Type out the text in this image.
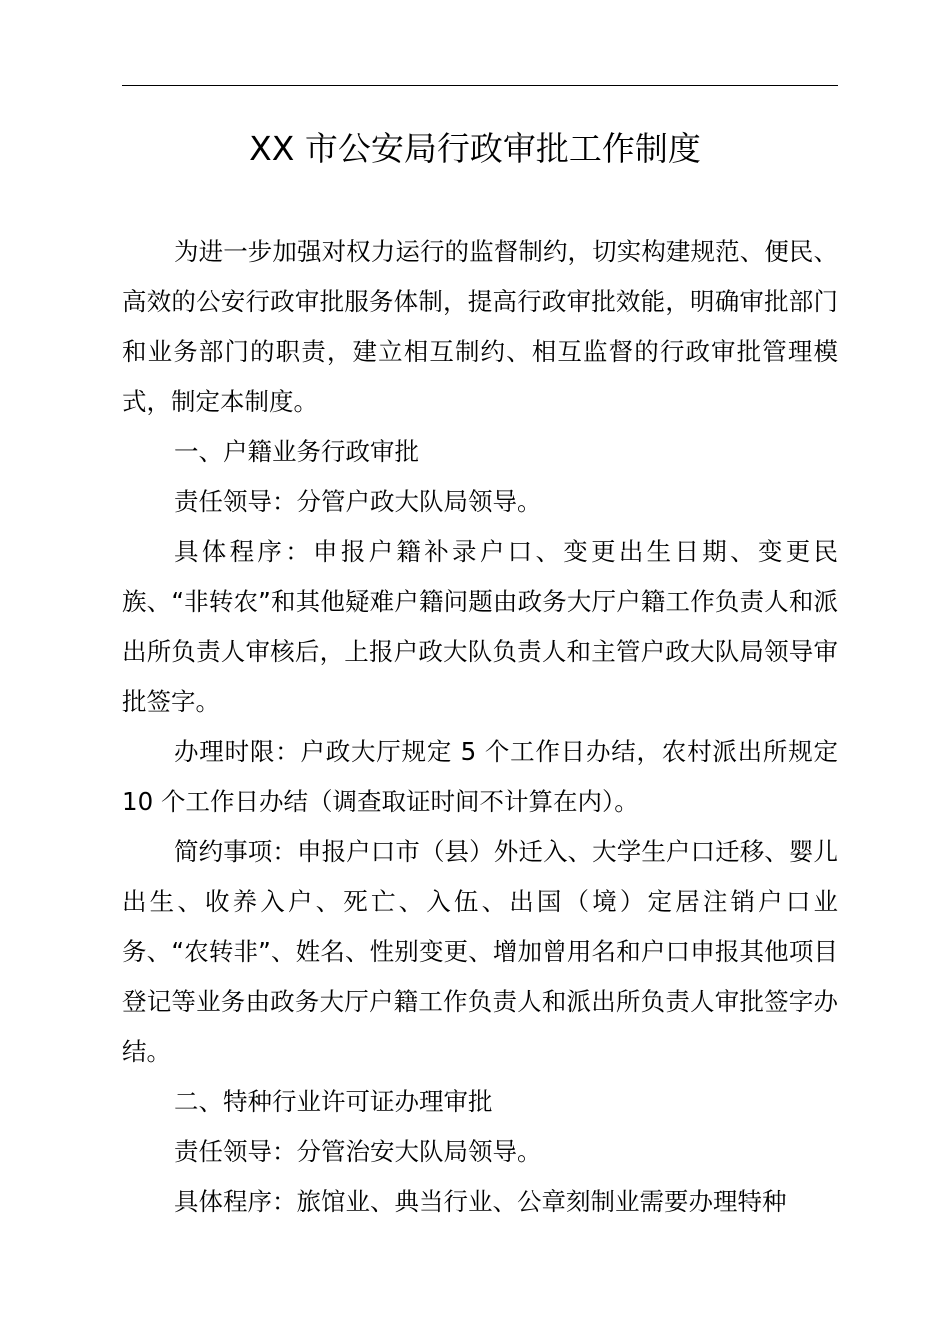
XX 市公安局行政审批工作制度

为进一步加强对权力运行的监督制约，切实构建规范、便民、高效的公安行政审批服务体制，提高行政审批效能，明确审批部门和业务部门的职责，建立相互制约、相互监督的行政审批管理模式，制定本制度。

一、户籍业务行政审批

责任领导：分管户政大队局领导。

具体程序：申报户籍补录户口、变更出生日期、变更民族、“非转农”和其他疑难户籍问题由政务大厅户籍工作负责人和派出所负责人审核后，上报户政大队负责人和主管户政大队局领导审批签字。

办理时限：户政大厅规定 5 个工作日办结，农村派出所规定 10 个工作日办结（调查取证时间不计算在内）。

简约事项：申报户口市（县）外迁入、大学生户口迁移、婴儿出生、收养入户、死亡、入伍、出国（境）定居注销户口业务、“农转非”、姓名、性别变更、增加曾用名和户口申报其他项目登记等业务由政务大厅户籍工作负责人和派出所负责人审批签字办结。

二、特种行业许可证办理审批

责任领导：分管治安大队局领导。

具体程序：旅馆业、典当行业、公章刻制业需要办理特种
